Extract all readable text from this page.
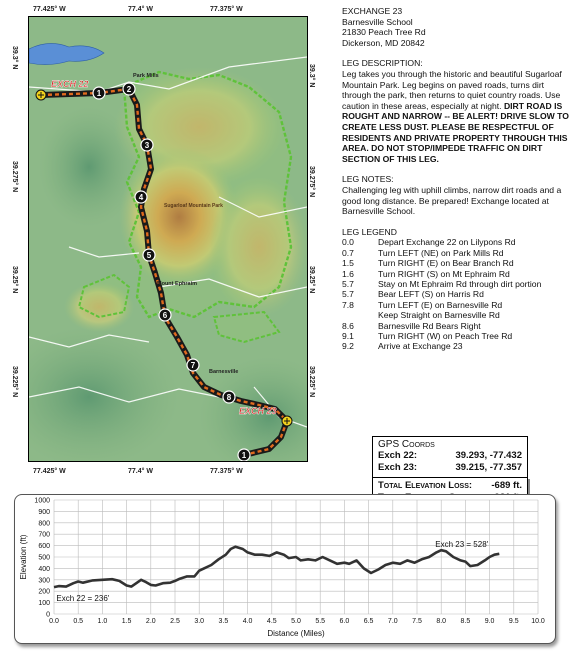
77.425° W	77.4° W	77.375° W
77.425° W	77.4° W	77.375° W
39.3° N
39.275° N
39.25° N
39.225° N
39.3° N
39.275° N
39.25° N
39.225° N
1	2
3
4
5
6
7
8
1
EXCH 22
EXCH 23
Park Mills
Mount Ephraim
Barnesville
Sugarloaf Mountain Park

EXCHANGE 23

Barnesville School

21830 Peach Tree Rd

Dickerson, MD 20842

LEG DESCRIPTION:

Leg takes you through the historic and beautiful Sugarloaf Mountain Park. Leg begins on paved roads, turns dirt through the park, then returns to quiet country roads. Use caution in these areas, especially at night. DIRT ROAD IS ROUGHT AND NARROW -- BE ALERT! DRIVE SLOW TO CREATE LESS DUST. PLEASE BE RESPECTFUL OF RESIDENTS AND PRIVATE PROPERTY THROUGH THIS AREA. DO NOT STOP/IMPEDE TRAFFIC ON DIRT SECTION OF THIS LEG.

LEG NOTES:

Challenging leg with uphill climbs, narrow dirt roads and a good long distance. Be prepared! Exchange located at Barnesville School.

LEG LEGEND

0.0	Depart Exchange 22 on Lilypons Rd
0.7	Turn LEFT (NE) on Park Mills Rd
1.5	Turn RIGHT (E) on Bear Branch Rd
1.6	Turn RIGHT (S) on Mt Ephraim Rd
5.7	Stay on Mt Ephraim Rd through dirt portion
5.7	Bear LEFT (S) on Harris Rd
7.8	Turn LEFT (E) on Barnesville Rd
	Keep Straight on Barnesville Rd
8.6	Barnesville Rd Bears Right
9.1	Turn RIGHT (W) on Peach Tree Rd
9.2	Arrive at Exchange 23
GPS Coords
Exch 22:	39.293, -77.432
Exch 23:	39.215, -77.357
Total Elevation Loss: -689 ft.
0
100
200
300
400
500
600
700
800
900
1000
0.0 0.5 1.0 1.5 2.0 2.5 3.0 3.5 4.0 4.5 5.0 5.5 6.0 6.5 7.0 7.5 8.0 8.5 9.0 9.5 10.0
Elevation (ft)
Distance (Miles)
Exch 22 = 236'
Exch 23 = 528'
